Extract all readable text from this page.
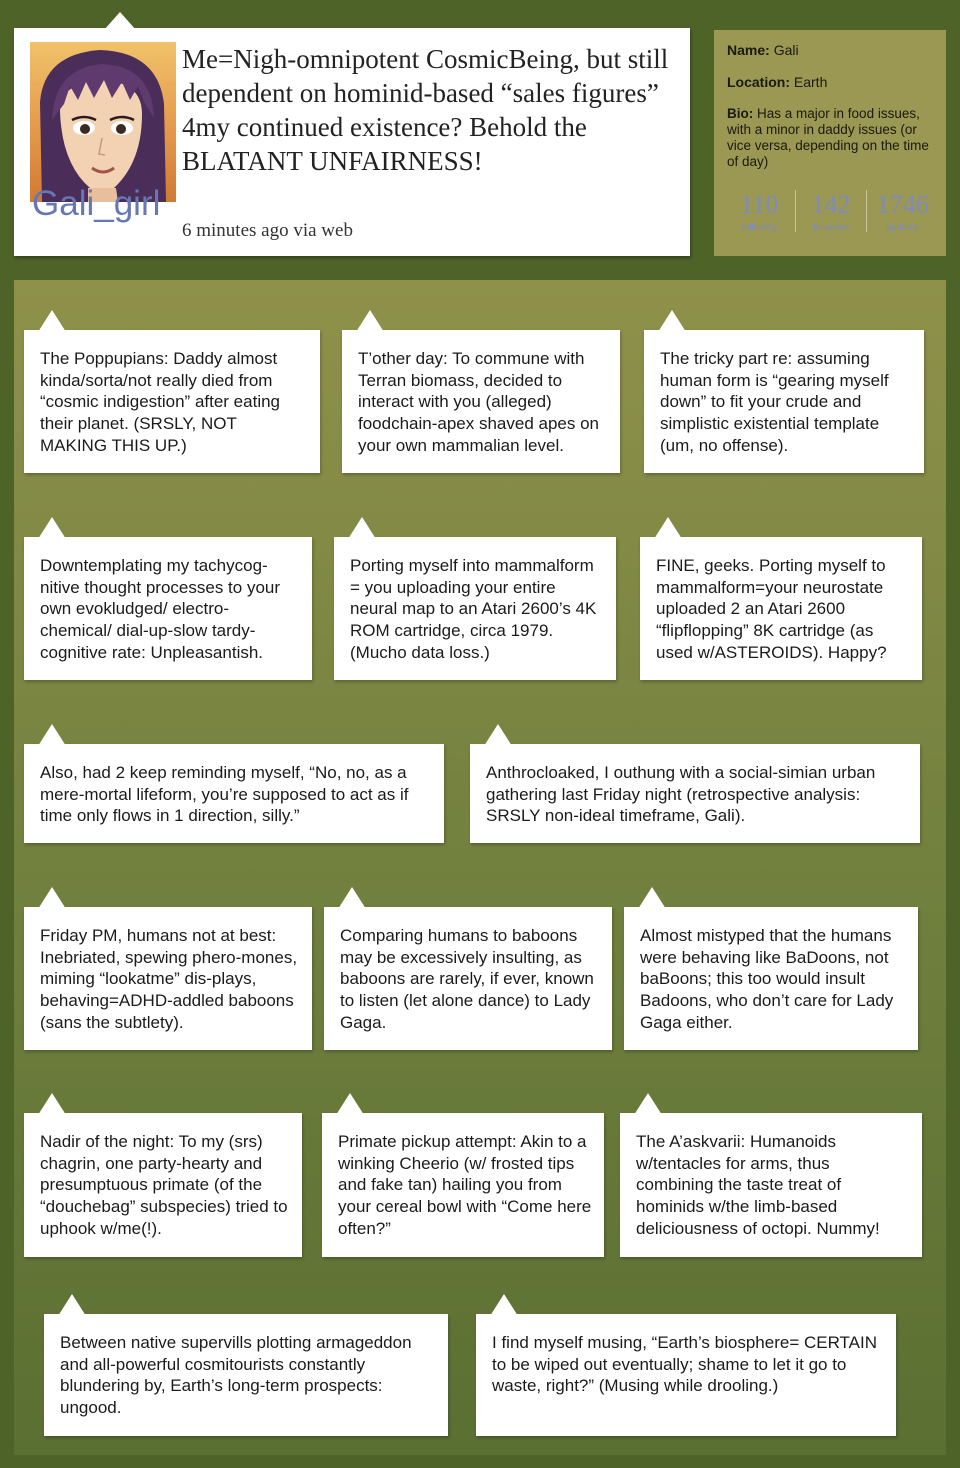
Gali_girl
Me=Nigh-omnipotent CosmicBeing, but still dependent on hominid-based “sales figures” 4my continued existence? Behold the BLATANT UNFAIRNESS!
6 minutes ago via web
Name: Gali
Location: Earth
Bio: Has a major in food issues, with a minor in daddy issues (or vice versa, depending on the time of day)
110
following
142
followers
1746
updates
The Poppupians: Daddy almost kinda/sorta/not really died from “cosmic indigestion” after eating their planet. (SRSLY, NOT MAKING THIS UP.)
T’other day: To commune with Terran biomass, decided to interact with you (alleged) foodchain-apex shaved apes on your own mammalian level.
The tricky part re: assuming human form is “gearing myself down” to fit your crude and simplistic existential template (um, no offense).
Downtemplating my tachycog-nitive thought processes to your own evokludged/ electro-chemical/ dial-up-slow tardy-cognitive rate: Unpleasantish.
Porting myself into mammalform = you uploading your entire neural map to an Atari 2600’s 4K ROM cartridge, circa 1979. (Mucho data loss.)
FINE, geeks. Porting myself to mammalform=your neurostate uploaded 2 an Atari 2600 “flipflopping” 8K cartridge (as used w/ASTEROIDS). Happy?
Also, had 2 keep reminding myself, “No, no, as a mere-mortal lifeform, you’re supposed to act as if time only flows in 1 direction, silly.”
Anthrocloaked, I outhung with a social-simian urban gathering last Friday night (retrospective analysis: SRSLY non-ideal timeframe, Gali).
Friday PM, humans not at best: Inebriated, spewing phero-mones, miming “lookatme” dis-plays, behaving=ADHD-addled baboons (sans the subtlety).
Comparing humans to baboons may be excessively insulting, as baboons are rarely, if ever, known to listen (let alone dance) to Lady Gaga.
Almost mistyped that the humans were behaving like BaDoons, not baBoons; this too would insult Badoons, who don’t care for Lady Gaga either.
Nadir of the night: To my (srs) chagrin, one party-hearty and presumptuous primate (of the “douchebag” subspecies) tried to uphook w/me(!).
Primate pickup attempt: Akin to a winking Cheerio (w/ frosted tips and fake tan) hailing you from your cereal bowl with “Come here often?”
The A’askvarii: Humanoids w/tentacles for arms, thus combining the taste treat of hominids w/the limb-based deliciousness of octopi. Nummy!
Between native supervills plotting armageddon and all-powerful cosmitourists constantly blundering by, Earth’s long-term prospects: ungood.
I find myself musing, “Earth’s biosphere= CERTAIN to be wiped out eventually; shame to let it go to waste, right?” (Musing while drooling.)
